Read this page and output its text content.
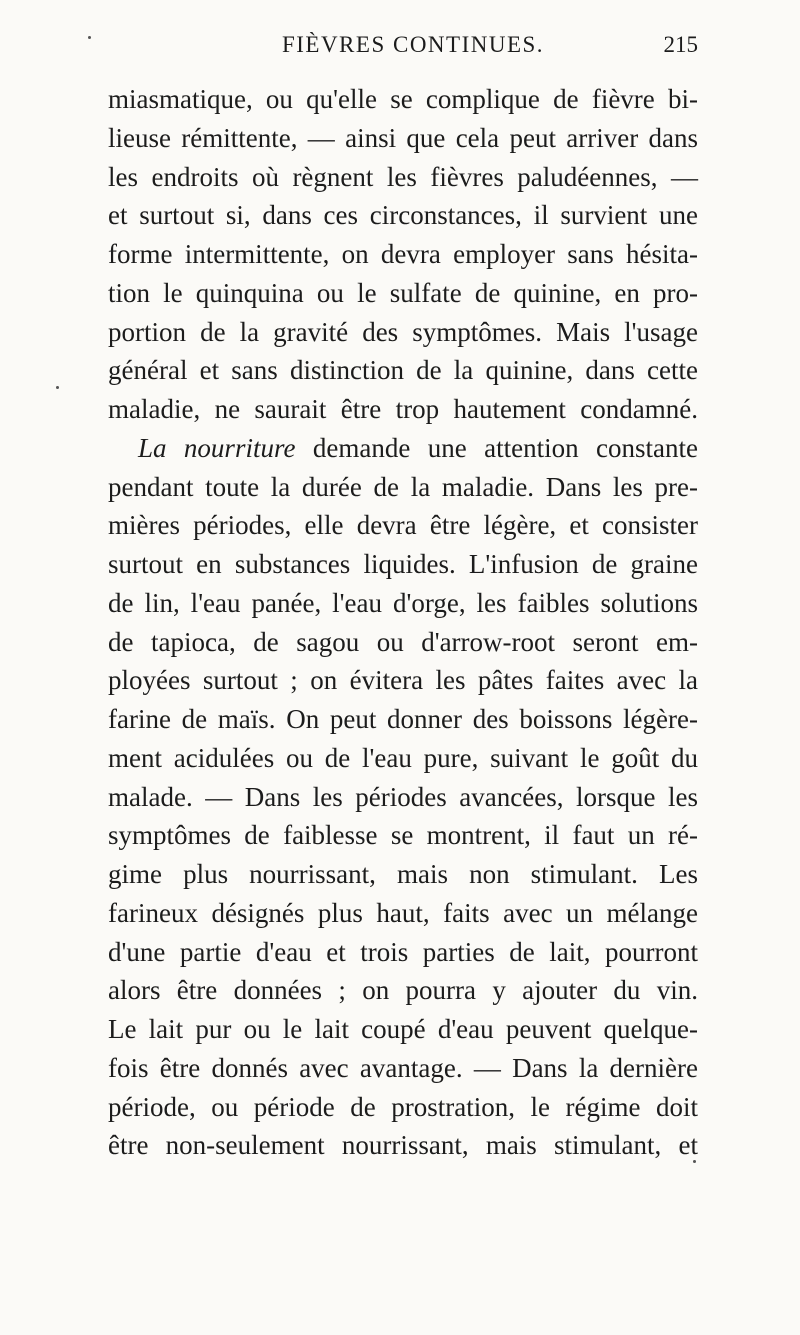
FIÈVRES CONTINUES.	215
miasmatique, ou qu'elle se complique de fièvre bi-
lieuse rémittente, — ainsi que cela peut arriver dans
les endroits où règnent les fièvres paludéennes, —
et surtout si, dans ces circonstances, il survient une
forme intermittente, on devra employer sans hésita-
tion le quinquina ou le sulfate de quinine, en pro-
portion de la gravité des symptômes. Mais l'usage
général et sans distinction de la quinine, dans cette
maladie, ne saurait être trop hautement condamné.
La nourriture demande une attention constante
pendant toute la durée de la maladie. Dans les pre-
mières périodes, elle devra être légère, et consister
surtout en substances liquides. L'infusion de graine
de lin, l'eau panée, l'eau d'orge, les faibles solutions
de tapioca, de sagou ou d'arrow-root seront em-
ployées surtout ; on évitera les pâtes faites avec la
farine de maïs. On peut donner des boissons légère-
ment acidulées ou de l'eau pure, suivant le goût du
malade. — Dans les périodes avancées, lorsque les
symptômes de faiblesse se montrent, il faut un ré-
gime plus nourrissant, mais non stimulant. Les
farineux désignés plus haut, faits avec un mélange
d'une partie d'eau et trois parties de lait, pourront
alors être données ; on pourra y ajouter du vin.
Le lait pur ou le lait coupé d'eau peuvent quelque-
fois être donnés avec avantage. — Dans la dernière
période, ou période de prostration, le régime doit
être non-seulement nourrissant, mais stimulant, et
